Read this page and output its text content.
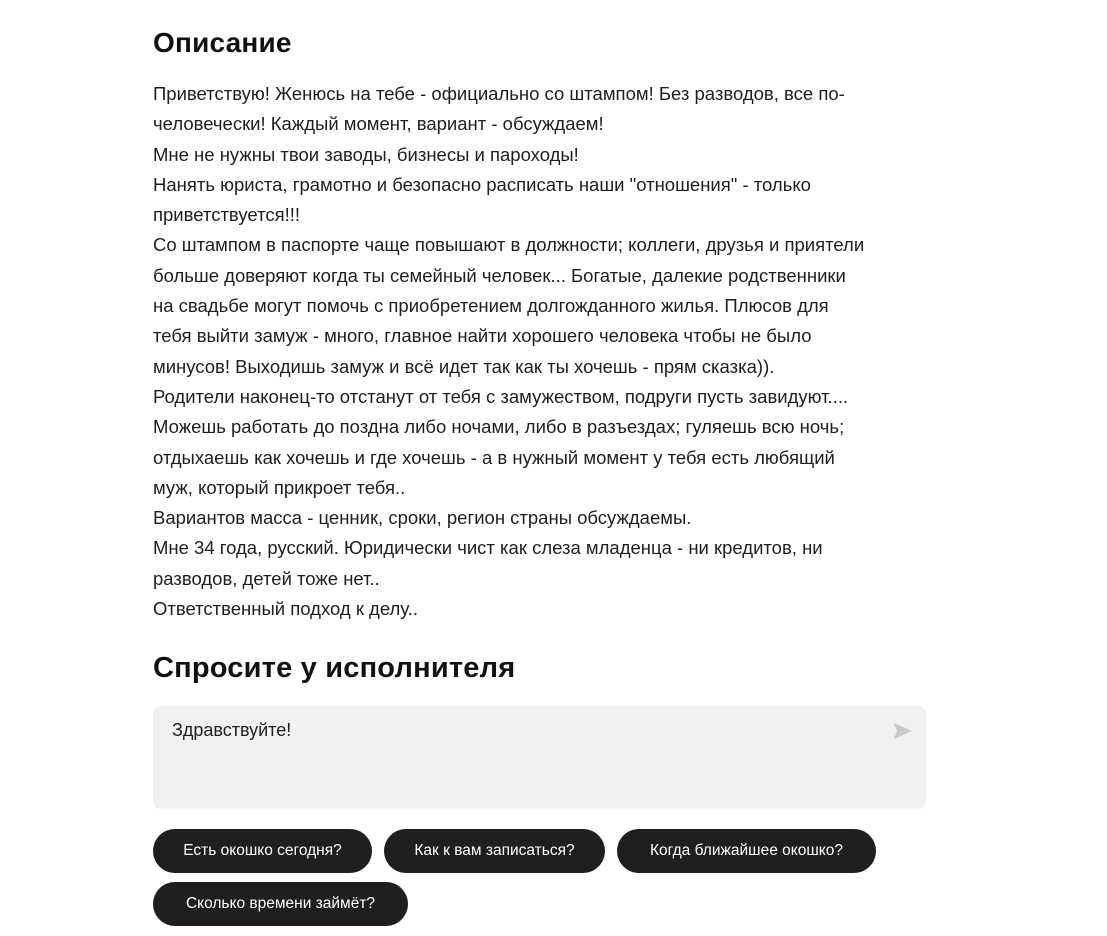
Описание
Приветствую! Женюсь на тебе - официально со штампом! Без разводов, все по-
человечески! Каждый момент, вариант - обсуждаем!
Мне не нужны твои заводы, бизнесы и пароходы!
Нанять юриста, грамотно и безопасно расписать наши "отношения" - только
приветствуется!!!
Со штампом в паспорте чаще повышают в должности; коллеги, друзья и приятели
больше доверяют когда ты семейный человек... Богатые, далекие родственники
на свадьбе могут помочь с приобретением долгожданного жилья. Плюсов для
тебя выйти замуж - много, главное найти хорошего человека чтобы не было
минусов! Выходишь замуж и всё идет так как ты хочешь - прям сказка)).
Родители наконец-то отстанут от тебя с замужеством, подруги пусть завидуют....
Можешь работать до поздна либо ночами, либо в разъездах; гуляешь всю ночь;
отдыхаешь как хочешь и где хочешь - а в нужный момент у тебя есть любящий
муж, который прикроет тебя..
Вариантов масса - ценник, сроки, регион страны обсуждаемы.
Мне 34 года, русский. Юридически чист как слеза младенца - ни кредитов, ни
разводов, детей тоже нет..
Ответственный подход к делу..
Спросите у исполнителя
Здравствуйте!
Есть окошко сегодня?	Как к вам записаться?	Когда ближайшее окошко?
Сколько времени займёт?
